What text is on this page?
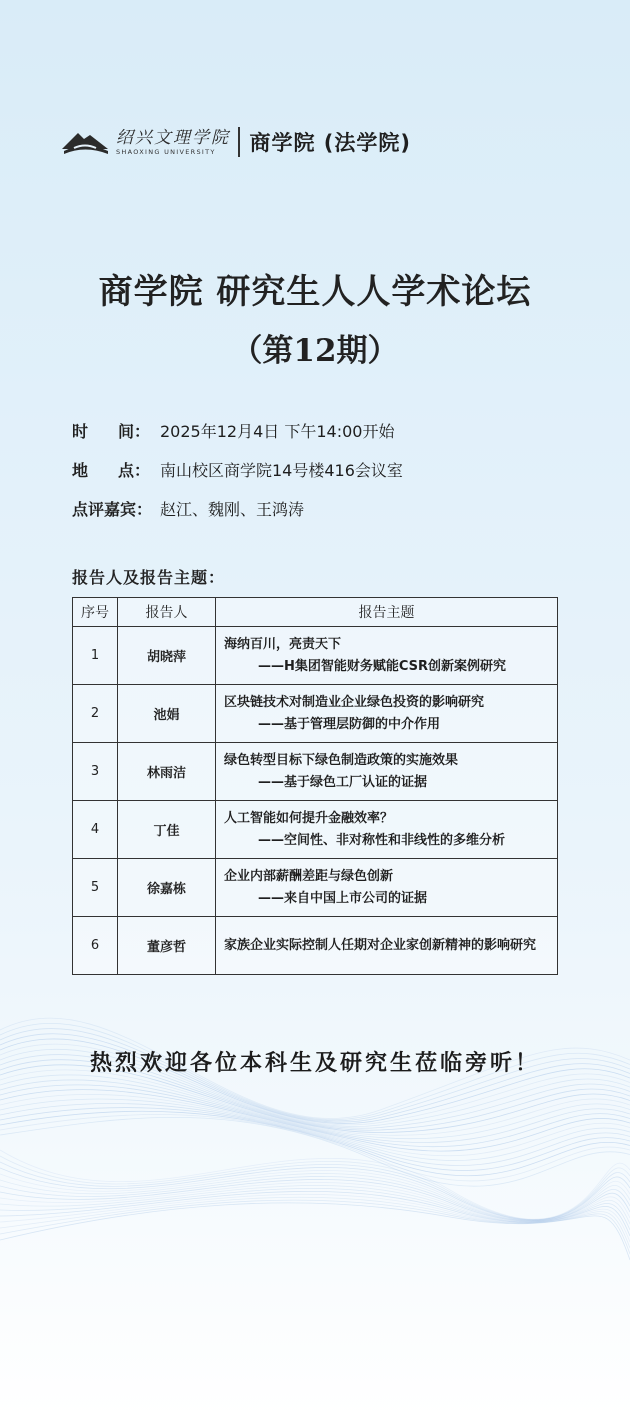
绍兴文理学院
SHAOXING UNIVERSITY	商学院 (法学院)
商学院 研究生人人学术论坛
（第12期）
时 间： 2025年12月4日 下午14:00开始
地 点： 南山校区商学院14号楼416会议室
点评嘉宾： 赵江、魏刚、王鸿涛
报告人及报告主题：
序号	报告人	报告主题
1	胡晓萍	海纳百川，亮责天下
——H集团智能财务赋能CSR创新案例研究

2	池娟	区块链技术对制造业企业绿色投资的影响研究
——基于管理层防御的中介作用

3	林雨洁	绿色转型目标下绿色制造政策的实施效果
——基于绿色工厂认证的证据

4	丁佳	人工智能如何提升金融效率？
——空间性、非对称性和非线性的多维分析

5	徐嘉栋	企业内部薪酬差距与绿色创新
——来自中国上市公司的证据

6	董彦哲	家族企业实际控制人任期对企业家创新精神的影响研究
热烈欢迎各位本科生及研究生莅临旁听！
